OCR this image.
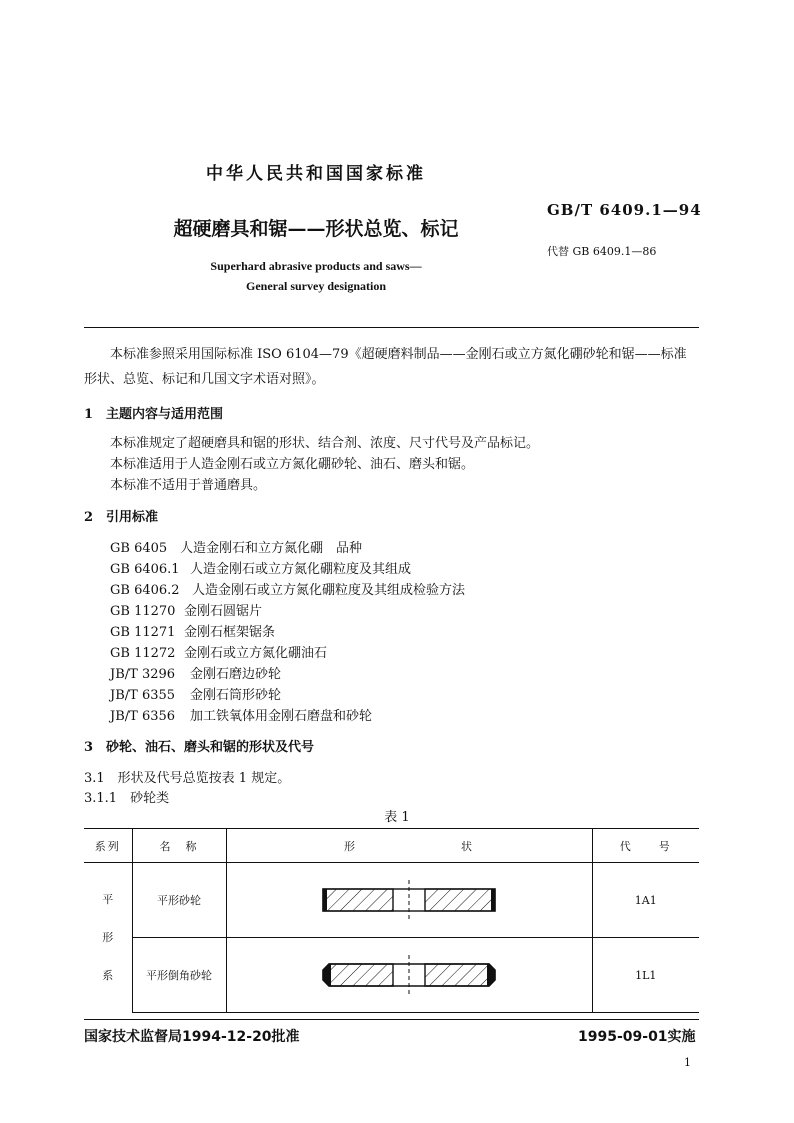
中华人民共和国国家标准
GB/T 6409.1—94
超硬磨具和锯——形状总览、标记
代替 GB 6409.1—86
Superhard abrasive products and saws—
General survey designation
本标准参照采用国际标准 ISO 6104—79《超硬磨料制品——金刚石或立方氮化硼砂轮和锯——标准形状、总览、标记和几国文字术语对照》。
1 主题内容与适用范围
本标准规定了超硬磨具和锯的形状、结合剂、浓度、尺寸代号及产品标记。
本标准适用于人造金刚石或立方氮化硼砂轮、油石、磨头和锯。
本标准不适用于普通磨具。
2 引用标准
GB 6405 人造金刚石和立方氮化硼　品种
GB 6406.1 人造金刚石或立方氮化硼粒度及其组成
GB 6406.2 人造金刚石或立方氮化硼粒度及其组成检验方法
GB 11270 金刚石圆锯片
GB 11271 金刚石框架锯条
GB 11272 金刚石或立方氮化硼油石
JB/T 3296 金刚石磨边砂轮
JB/T 6355 金刚石筒形砂轮
JB/T 6356 加工铁氧体用金刚石磨盘和砂轮
3 砂轮、油石、磨头和锯的形状及代号
3.1　形状及代号总览按表 1 规定。
3.1.1　砂轮类
表 1
系列	名　称	形　　　　　　　　状	代　　号

平
形
系	平形砂轮		1A1
	平形倒角砂轮		1L1
国家技术监督局1994-12-20批准	1995-09-01实施
1
